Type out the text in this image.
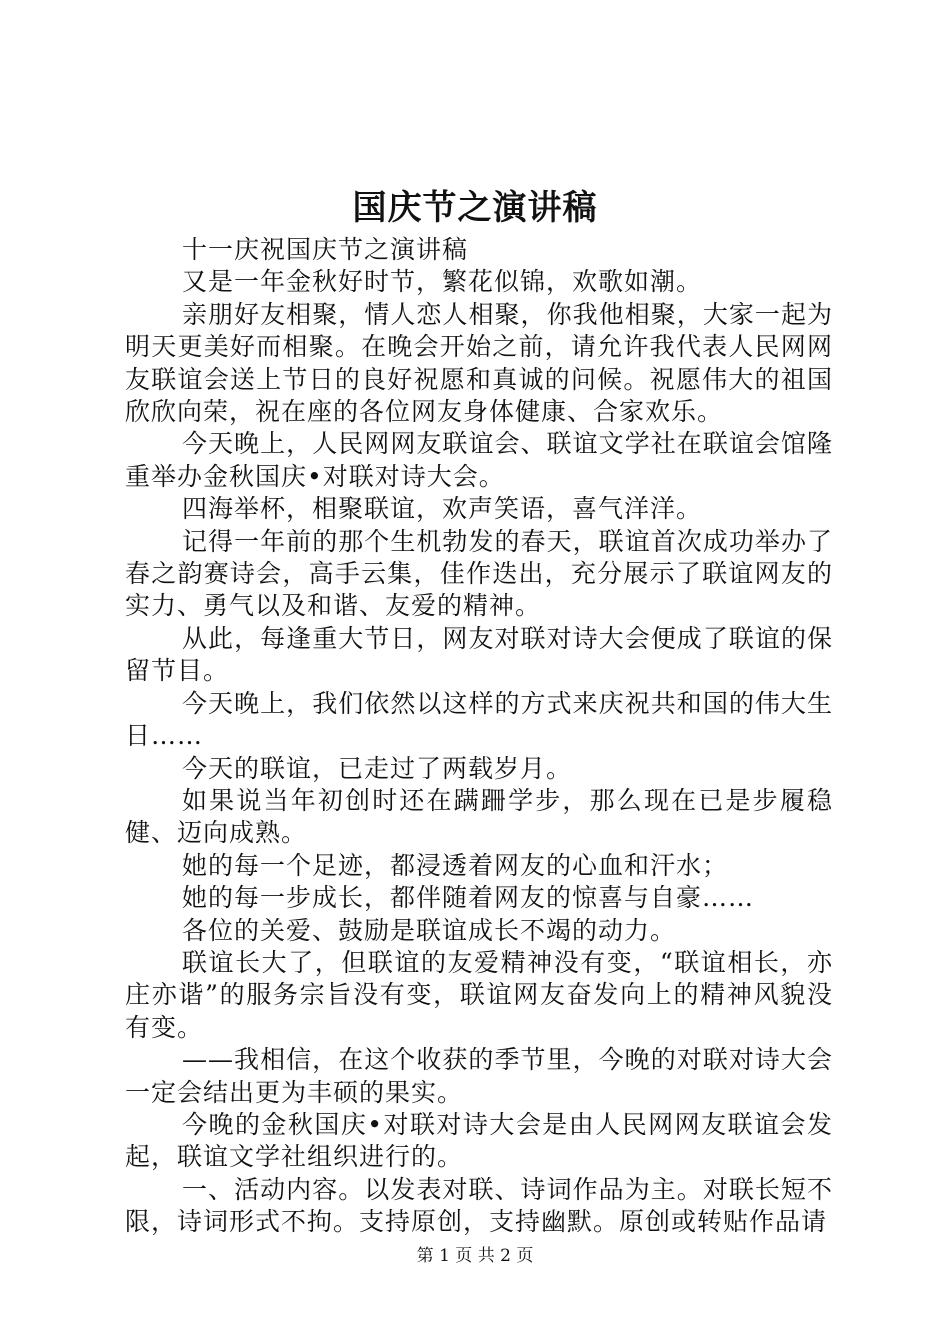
国庆节之演讲稿

十一庆祝国庆节之演讲稿

又是一年金秋好时节，繁花似锦，欢歌如潮。

亲朋好友相聚，情人恋人相聚，你我他相聚，大家一起为明天更美好而相聚。在晚会开始之前，请允许我代表人民网网友联谊会送上节日的良好祝愿和真诚的问候。祝愿伟大的祖国欣欣向荣，祝在座的各位网友身体健康、合家欢乐。

今天晚上，人民网网友联谊会、联谊文学社在联谊会馆隆重举办金秋国庆•对联对诗大会。

四海举杯，相聚联谊，欢声笑语，喜气洋洋。

记得一年前的那个生机勃发的春天，联谊首次成功举办了春之韵赛诗会，高手云集，佳作迭出，充分展示了联谊网友的实力、勇气以及和谐、友爱的精神。

从此，每逢重大节日，网友对联对诗大会便成了联谊的保留节目。

今天晚上，我们依然以这样的方式来庆祝共和国的伟大生日……

今天的联谊，已走过了两载岁月。

如果说当年初创时还在蹒跚学步，那么现在已是步履稳健、迈向成熟。

她的每一个足迹，都浸透着网友的心血和汗水；

她的每一步成长，都伴随着网友的惊喜与自豪……

各位的关爱、鼓励是联谊成长不竭的动力。

联谊长大了，但联谊的友爱精神没有变，“联谊相长，亦庄亦谐”的服务宗旨没有变，联谊网友奋发向上的精神风貌没有变。

——我相信，在这个收获的季节里，今晚的对联对诗大会一定会结出更为丰硕的果实。

今晚的金秋国庆•对联对诗大会是由人民网网友联谊会发起，联谊文学社组织进行的。

一、活动内容。以发表对联、诗词作品为主。对联长短不限，诗词形式不拘。支持原创，支持幽默。原创或转贴作品请

第 1 页 共 2 页
